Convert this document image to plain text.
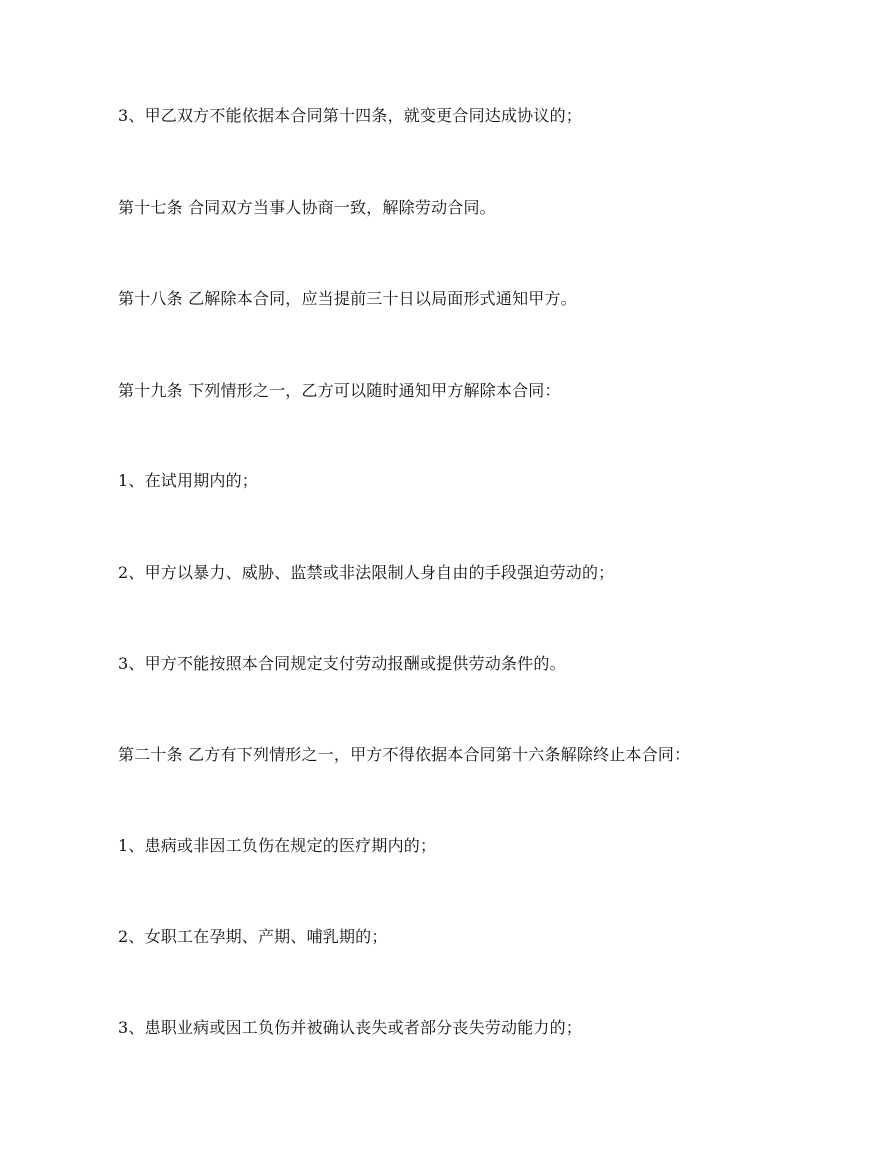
3、甲乙双方不能依据本合同第十四条，就变更合同达成协议的；

第十七条 合同双方当事人协商一致，解除劳动合同。

第十八条 乙解除本合同，应当提前三十日以局面形式通知甲方。

第十九条 下列情形之一，乙方可以随时通知甲方解除本合同：

1、在试用期内的；

2、甲方以暴力、威胁、监禁或非法限制人身自由的手段强迫劳动的；

3、甲方不能按照本合同规定支付劳动报酬或提供劳动条件的。

第二十条 乙方有下列情形之一，甲方不得依据本合同第十六条解除终止本合同：

1、患病或非因工负伤在规定的医疗期内的；

2、女职工在孕期、产期、哺乳期的；

3、患职业病或因工负伤并被确认丧失或者部分丧失劳动能力的；
